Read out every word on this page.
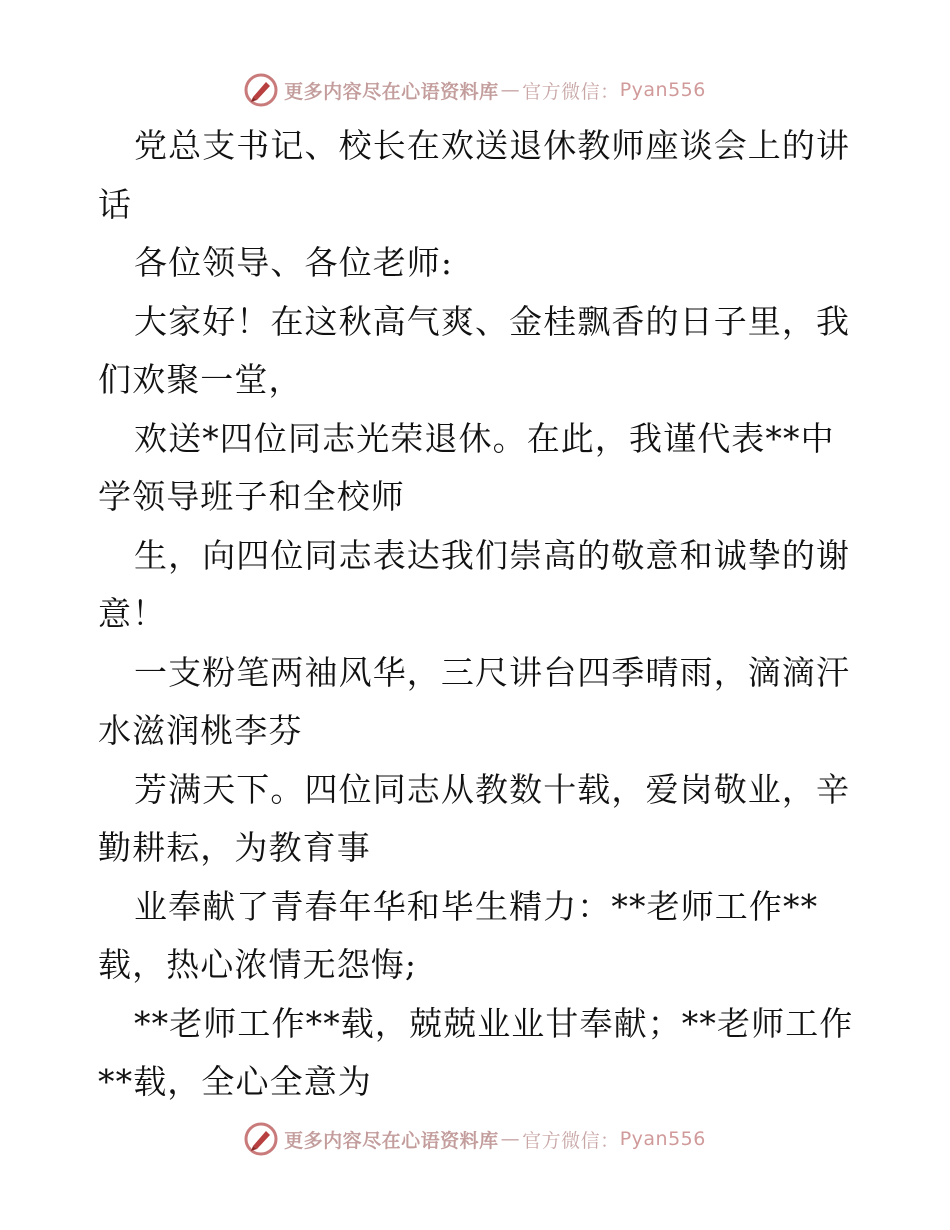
更多内容尽在心语资料库 — 官方微信： Pyan556

党总支书记、校长在欢送退休教师座谈会上的讲话

各位领导、各位老师:

大家好！在这秋高气爽、金桂飘香的日子里，我们欢聚一堂，

欢送*四位同志光荣退休。在此，我谨代表**中学领导班子和全校师

生，向四位同志表达我们崇高的敬意和诚挚的谢意！

一支粉笔两袖风华，三尺讲台四季晴雨，滴滴汗水滋润桃李芬

芳满天下。四位同志从教数十载，爱岗敬业，辛勤耕耘，为教育事

业奉献了青春年华和毕生精力：**老师工作**载，热心浓情无怨悔;

**老师工作**载，兢兢业业甘奉献；**老师工作**载，全心全意为

更多内容尽在心语资料库 — 官方微信： Pyan556
